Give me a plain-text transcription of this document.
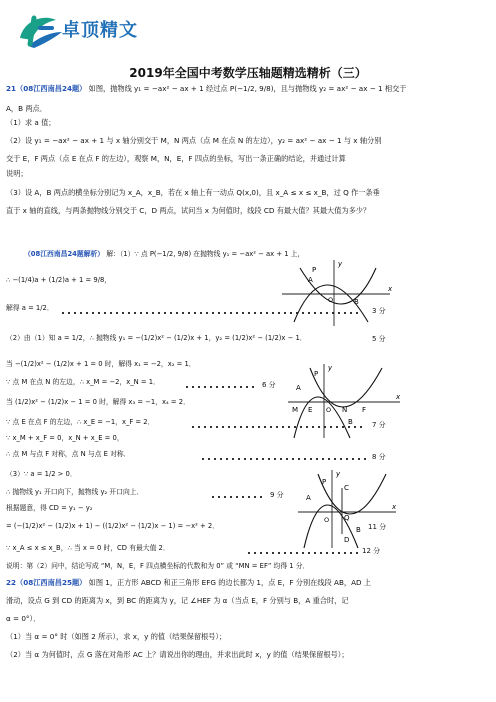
卓顶精文
2019年全国中考数学压轴题精选精析（三）
21（08江西南昌24题） 如图，抛物线 y₁ = −ax² − ax + 1 经过点 P(−1/2, 9/8)，且与抛物线 y₂ = ax² − ax − 1 相交于
A，B 两点．
（1）求 a 值；
（2）设 y₁ = −ax² − ax + 1 与 x 轴分别交于 M，N 两点（点 M 在点 N 的左边），y₂ = ax² − ax − 1 与 x 轴分别
交于 E，F 两点（点 E 在点 F 的左边），观察 M，N，E，F 四点的坐标，写出一条正确的结论，并通过计算
说明；
（3）设 A，B 两点的横坐标分别记为 x_A，x_B，若在 x 轴上有一动点 Q(x,0)，且 x_A ≤ x ≤ x_B，过 Q 作一条垂
直于 x 轴的直线，与两条抛物线分别交于 C，D 两点，试问当 x 为何值时，线段 CD 有最大值？其最大值为多少？
（08江西南昌24题解析） 解：（1）∵ 点 P(−1/2, 9/8) 在抛物线 y₁ = −ax² − ax + 1 上，
∴ −(1/4)a + (1/2)a + 1 = 9/8，
解得 a = 1/2．	3 分
（2）由（1）知 a = 1/2，∴ 抛物线 y₁ = −(1/2)x² − (1/2)x + 1，y₂ = (1/2)x² − (1/2)x − 1．	5 分
当 −(1/2)x² − (1/2)x + 1 = 0 时，解得 x₁ = −2，x₂ = 1．
∵ 点 M 在点 N 的左边，∴ x_M = −2，x_N = 1．	6 分
当 (1/2)x² − (1/2)x − 1 = 0 时，解得 x₃ = −1，x₄ = 2．
∵ 点 E 在点 F 的左边，∴ x_E = −1，x_F = 2．	7 分
∵ x_M + x_F = 0，x_N + x_E = 0，
∴ 点 M 与点 F 对称，点 N 与点 E 对称．	8 分
（3）∵ a = 1/2 > 0．
∴ 抛物线 y₁ 开口向下，抛物线 y₂ 开口向上．	9 分
根据题意，得 CD = y₁ − y₂
= (−(1/2)x² − (1/2)x + 1) − ((1/2)x² − (1/2)x − 1) = −x² + 2．	11 分
∵ x_A ≤ x ≤ x_B，∴ 当 x = 0 时，CD 有最大值 2．	12 分
说明：第（2）问中，结论写成 “M，N，E，F 四点横坐标的代数和为 0” 或 “MN = EF” 均得 1 分．
22（08江西南昌25题） 如图 1，正方形 ABCD 和正三角形 EFG 的边长都为 1，点 E，F 分别在线段 AB，AD 上
滑动，设点 G 到 CD 的距离为 x，到 BC 的距离为 y，记 ∠HEF 为 α（当点 E，F 分别与 B，A 重合时，记
α = 0°）．
（1）当 α = 0° 时（如图 2 所示），求 x，y 的值（结果保留根号）；
（2）当 α 为何值时，点 G 落在对角形 AC 上？请说出你的理由，并求出此时 x，y 的值（结果保留根号）；
y
A
B
P
O
x
y
P
A
M E O N F
B
x
y
P
A
C
O Q
B
D
x
